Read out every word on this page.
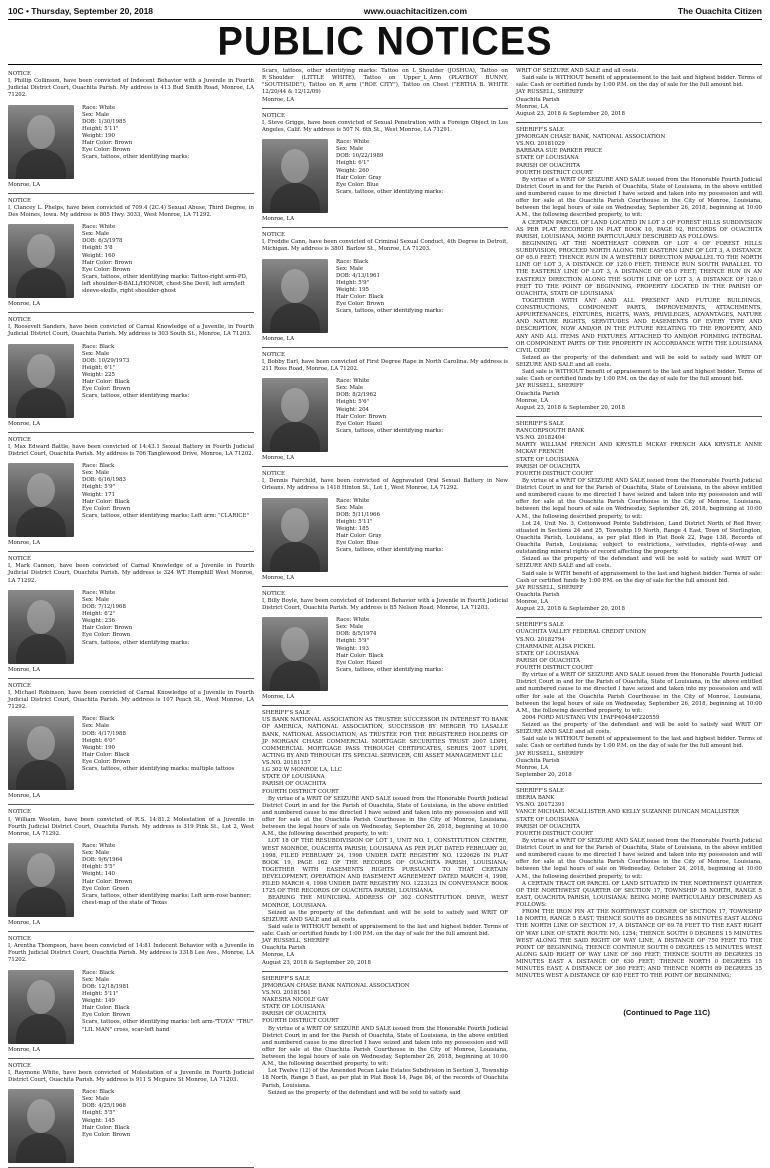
10C • Thursday, September 20, 2018	www.ouachitacitizen.com	The Ouachita Citizen
PUBLIC NOTICES

NOTICE

I, Phillip Collinson, have been convicted of Indecent Behavior with a Juvenile in Fourth Judicial District Court, Ouachita Parish. My address is 413 Bud Smith Road, Monroe, LA 71202.

Race: White
Sex: Male
DOB: 1/30/1985
Height: 5'11"
Weight: 190
Hair Color: Brown
Eye Color: Brown
Scars, tattoos, other identifying marks:

Monroe, LA

NOTICE

I, Clancey L. Phelps, have been convicted of 709.4 (2C.4) Sexual Abuse, Third Degree, in Des Moines, Iowa. My address is 805 Hwy. 3033, West Monroe, LA 71292.

Race: White
Sex: Male
DOB: 6/3/1978
Height: 5'8
Weight: 160
Hair Color: Brown
Eye Color: Brown
Scars, tattoos, other identifying marks: Tattoo-right arm-PD, left shoulder-8-BALL/HONOR, chest-She Devil, left arm/left sleeve-skulls, right shoulder-ghost

Monroe, LA

NOTICE

I, Roosevelt Sanders, have been convicted of Carnal Knowledge of a Juvenile, in Fourth Judicial District Court, Ouachita Parish. My address is 303 South St., Monroe, LA 71203.

Race: Black
Sex: Male
DOB: 10/29/1973
Height: 6'1"
Weight: 225
Hair Color: Black
Eye Color: Brown
Scars, tattoos, other identifying marks:

Monroe, LA

NOTICE

I, Max Edward Battle, have been convicted of 14:43.1 Sexual Battery in Fourth Judicial District Court, Ouachita Parish. My address is 706 Tanglewood Drive, Monroe, LA 71202.

Race: Black
Sex: Male
DOB: 6/16/1983
Height: 5'9"
Weight: 171
Hair Color: Black
Eye Color: Brown
Scars, tattoos, other identifying marks: Left arm: "CLARICE"

Monroe, LA

NOTICE

I, Mark Cannon, have been convicted of Carnal Knowledge of a Juvenile in Fourth Judicial District Court, Ouachita Parish. My address is 324 WT Hemphill West Monroe, LA 71292.

Race: White
Sex: Male
DOB: 7/12/1968
Height: 6'2"
Weight: 236
Hair Color: Brown
Eye Color: Brown
Scars, tattoos, other identifying marks:

Monroe, LA

NOTICE

I, Michael Robinson, have been convicted of Carnal Knowledge of a Juvenile in Fourth Judicial District Court, Ouachita Parish. My address is 107 Peach St., West Monroe, LA 71292.

Race: Black
Sex: Male
DOB: 4/17/1988
Height: 6'0"
Weight: 190
Hair Color: Black
Eye Color: Brown
Scars, tattoos, other identifying marks: multiple tattoos

Monroe, LA

NOTICE

I, William Wooten, have been convicted of R.S. 14:81.2 Molestation of a Juvenile in Fourth Judicial District Court, Ouachita Parish. My address is 319 Pink St., Lot 2, West Monroe, LA 71292.

Race: White
Sex: Male
DOB: 9/6/1964
Height: 5'5"
Weight: 140
Hair Color: Brown
Eye Color: Green
Scars, tattoos, other identifying marks: Left arm-rose banner; chest-map of the state of Texas

Monroe, LA

NOTICE

I, Arentha Thompson, have been convicted of 14:81 Indecent Behavior with a Juvenile in Fourth Judicial District Court, Ouachita Parish. My address is 3318 Lee Ave., Monroe, LA 71202.

Race: Black
Sex: Male
DOB: 12/18/1981
Height: 5'11"
Weight: 149
Hair Color: Black
Eye Color: Brown
Scars, tattoos, other identifying marks: left arm-"TOYA" "TRU" "LIL MAN" cross, scar-left hand

Monroe, LA

NOTICE

I, Raymone White, have been convicted of Molestation of a Juvenile in Fourth Judicial District Court, Ouachita Parish. My address is 911 S Mcguire St Monroe, LA 71203.

Race: Black
Sex: Male
DOB: 4/25/1968
Height: 5'5"
Weight: 145
Hair Color: Black
Eye Color: Brown

Scars, tattoos, other identifying marks: Tattoo on L_Shoulder (JOSHUA), Tattoo on R_Shoulder (LITTLE WHITE), Tattoo on Upper_L_Arm (PLAYBOY BUNNY, "SOUTHSIDE"), Tattoo on R_arm ("ROE CITY"), Tattoo on Chest ("ERTHA B. WHITE 12/20/44 & 12/12/09)

Monroe, LA

NOTICE

I, Steve Griggs, have been convicted of Sexual Penetration with a Foreign Object in Los Angeles, Calif. My address is 507 N. 6th St., West Monroe, LA 71291.

Race: White
Sex: Male
DOB: 10/22/1989
Height: 6'1"
Weight: 260
Hair Color: Gray
Eye Color: Blue
Scars, tattoos, other identifying marks:

Monroe, LA

NOTICE

I, Freddie Cann, have been convicted of Criminal Sexual Conduct, 4th Degree in Detroit, Michigan. My address is 3801 Barlow St., Monroe, LA 71203.

Race: Black
Sex: Male
DOB: 4/13/1961
Height: 5'9"
Weight: 195
Hair Color: Black
Eye Color: Brown
Scars, tattoos, other identifying marks:

Monroe, LA

NOTICE

I, Bobby Earl, have been convicted of First Degree Rape in North Carolina. My address is 211 Ross Road, Monroe, LA 71202.

Race: White
Sex: Male
DOB: 8/2/1962
Height: 5'6"
Weight: 204
Hair Color: Brown
Eye Color: Hazel
Scars, tattoos, other identifying marks:

Monroe, LA

NOTICE

I, Dennis Fairchild, have been convicted of Aggravated Oral Sexual Battery in New Orleans. My address is 1418 Hinton St., Lot 1, West Monroe, LA 71292.

Race: White
Sex: Male
DOB: 5/11/1966
Height: 5'11"
Weight: 185
Hair Color: Gray
Eye Color: Blue
Scars, tattoos, other identifying marks:

Monroe, LA

NOTICE

I, Billy Boyle, have been convicted of Indecent Behavior with a Juvenile in Fourth Judicial District Court, Ouachita Parish. My address is 85 Nelson Road, Monroe, LA 71203.

Race: White
Sex: Male
DOB: 8/5/1974
Height: 5'9"
Weight: 193
Hair Color: Black
Eye Color: Hazel
Scars, tattoos, other identifying marks:

Monroe, LA

SHERIFF'S SALE

US BANK NATIONAL ASSOCIATION AS TRUSTEE SUCCESSOR IN INTEREST TO BANK OF AMERICA, NATIONAL ASSOCIATION, SUCCESSOR BY MERGER TO LASALLE BANK, NATIONAL ASSOCIATION, AS TRUSTEE FOR THE REGISTERED HOLDERS OF JP MORGAN CHASE COMMERCIAL MORTGAGE SECURITIES TRUST 2007 LDPH, COMMERCIAL MORTGAGE PASS THROUGH CERTIFICATES, SERIES 2007 LDPH, ACTING BY AND THROUGH ITS SPECIAL SERVICER, CBI ASSET MANAGEMENT LLC

VS.NO. 20181157

LG 302 W MONROE LA, LLC

STATE OF LOUISIANA

PARISH OF OUACHITA

FOURTH DISTRICT COURT

By virtue of a WRIT OF SEIZURE AND SALE issued from the Honorable Fourth Judicial District Court in and for the Parish of Ouachita, State of Louisiana, in the above entitled and numbered cause to me directed I have seized and taken into my possession and will offer for sale at the Ouachita Parish Courthouse in the City of Monroe, Louisiana, between the legal hours of sale on Wednesday, September 26, 2018, beginning at 10:00 A.M., the following described property, to wit:

LOT 18 OF THE RESUBDIVISION OF LOT 1, UNIT NO. 1, CONSTITUTION CENTRE, WEST MONROE, OUACHITA PARISH, LOUISIANA AS PER PLAT DATED FEBRUARY 20, 1998, FILED FEBRUARY 24, 1998 UNDER DATE REGISTRY NO. 1220626 IN PLAT BOOK 19, PAGE 162 OF THE RECORDS OF OUACHITA PARISH, LOUISIANA; TOGETHER WITH EASEMENTS RIGHTS PURSUANT TO THAT CERTAIN DEVELOPMENT, OPERATION AND EASEMENT AGREEMENT DATED MARCH 4, 1998, FILED MARCH 4, 1998 UNDER DATE REGISTRY NO. 1223123 IN CONVEYANCE BOOK 1725 OF THE RECORDS OF OUACHITA PARISH, LOUISIANA.

BEARING THE MUNICIPAL ADDRESS OF 302 CONSTITUTION DRIVE, WEST MONROE, LOUISIANA.

Seized as the property of the defendant and will be sold to satisfy said WRIT OF SEIZURE AND SALE and all costs.

Said sale is WITHOUT benefit of appraisement to the last and highest bidder. Terms of sale: Cash or certified funds by 1:00 P.M. on the day of sale for the full amount bid.

JAY RUSSELL, SHERIFF

Ouachita Parish

Monroe, LA

August 23, 2018 & September 20, 2018

SHERIFF'S SALE

JPMORGAN CHASE BANK NATIONAL ASSOCIATION

VS.NO. 20181561

NAKESHA NICOLE GAY

STATE OF LOUISIANA

PARISH OF OUACHITA

FOURTH DISTRICT COURT

By virtue of a WRIT OF SEIZURE AND SALE issued from the Honorable Fourth Judicial District Court in and for the Parish of Ouachita, State of Louisiana, in the above entitled and numbered cause to me directed I have seized and taken into my possession and will offer for sale at the Ouachita Parish Courthouse in the City of Monroe, Louisiana, between the legal hours of sale on Wednesday, September 26, 2018, beginning at 10:00 A.M., the following described property, to wit:

Lot Twelve (12) of the Amended Pecan Lake Estates Subdivision in Section 3, Township 18 North, Range 5 East, as per plat in Plat Book 14, Page 84, of the records of Ouachita Parish, Louisiana.

Seized as the property of the defendant and will be sold to satisfy said

WRIT OF SEIZURE AND SALE and all costs.

Said sale is WITHOUT benefit of appraisement to the last and highest bidder. Terms of sale: Cash or certified funds by 1:00 P.M. on the day of sale for the full amount bid.

JAY RUSSELL, SHERIFF

Ouachita Parish

Monroe, LA

August 23, 2018 & September 20, 2018

SHERIFF'S SALE

JPMORGAN CHASE BANK, NATIONAL ASSOCIATION

VS.NO. 20181029

BARBARA SUE PARKER PRICE

STATE OF LOUISIANA

PARISH OF OUACHITA

FOURTH DISTRICT COURT

By virtue of a WRIT OF SEIZURE AND SALE issued from the Honorable Fourth Judicial District Court in and for the Parish of Ouachita, State of Louisiana, in the above entitled and numbered cause to me directed I have seized and taken into my possession and will offer for sale at the Ouachita Parish Courthouse in the City of Monroe, Louisiana, between the legal hours of sale on Wednesday, September 26, 2018, beginning at 10:00 A.M., the following described property, to wit:

A CERTAIN PARCEL OF LAND LOCATED IN LOT 3 OF FOREST HILLS SUBDIVISION AS PER PLAT RECORDED IN PLAT BOOK 10, PAGE 92, RECORDS OF OUACHITA PARISH, LOUISIANA, MORE PARTICULARLY DESCRIBED AS FOLLOWS:

BEGINNING AT THE NORTHEAST CORNER OF LOT 4 OF FOREST HILLS SUBDIVISION, PROCEED NORTH ALONG THE EASTERN LINE OF LOT 3, A DISTANCE OF 65.0 FEET; THENCE RUN IN A WESTERLY DIRECTION PARALLEL TO THE NORTH LINE OF LOT 3, A DISTANCE OF 120.0 FEET; THENCE RUN SOUTH PARALLEL TO THE EASTERLY LINE OF LOT 3, A DISTANCE OF 65.0 FEET; THENCE RUN IN AN EASTERLY DIRECTION ALONG THE SOUTH LINE OF LOT 3, A DISTANCE OF 120.0 FEET TO THE POINT OF BEGINNING, PROPERTY LOCATED IN THE PARISH OF OUACHITA, STATE OF LOUISIANA

TOGETHER WITH ANY AND ALL PRESENT AND FUTURE BUILDINGS, CONSTRUCTIONS, COMPONENT PARTS, IMPROVEMENTS, ATTACHMENTS, APPURTENANCES, FIXTURES, RIGHTS, WAYS, PRIVILEGES, ADVANTAGES, NATURE AND NATURE RIGHTS, SERVITUDES AND EASEMENTS OF EVERY TYPE AND DESCRIPTION, NOW AND/OR IN THE FUTURE RELATING TO THE PROPERTY, AND ANY AND ALL ITEMS AND FIXTURES ATTACHED TO AND/OR FORMING INTEGRAL OR COMPONENT PARTS OF THE PROPERTY IN ACCORDANCE WITH THE LOUISIANA CIVIL CODE

Seized as the property of the defendant and will be sold to satisfy said WRIT OF SEIZURE AND SALE and all costs.

Said sale is WITHOUT benefit of appraisement to the last and highest bidder. Terms of sale: Cash or certified funds by 1:00 P.M. on the day of sale for the full amount bid.

JAY RUSSELL, SHERIFF

Ouachita Parish

Monroe, LA

August 23, 2018 & September 20, 2018

SHERIFF'S SALE

RANCORPSOUTH BANK

VS.NO. 20182404

MARTY WILLIAM FRENCH AND KRYSTLE MCKAY FRENCH AKA KRYSTLE ANNE MCKAY FRENCH

STATE OF LOUISIANA

PARISH OF OUACHITA

FOURTH DISTRICT COURT

By virtue of a WRIT OF SEIZURE AND SALE issued from the Honorable Fourth Judicial District Court in and for the Parish of Ouachita, State of Louisiana, in the above entitled and numbered cause to me directed I have seized and taken into my possession and will offer for sale at the Ouachita Parish Courthouse in the City of Monroe, Louisiana, between the legal hours of sale on Wednesday, September 26, 2018, beginning at 10:00 A.M., the following described property, to wit:

Lot 24, Unit No. 3, Cottonwood Pointe Subdivision, Land District North of Red River, situated in Sections 24 and 25, Township 19 North, Range 4 East, Town of Sterlington, Ouachita Parish, Louisiana, as per plat filed in Plat Book 22, Page 138, Records of Ouachita Parish, Louisiana; subject to restrictions, servitudes, rights-of-way and outstanding mineral rights of record affecting the property.

Seized as the property of the defendant and will be sold to satisfy said WRIT OF SEIZURE AND SALE and all costs.

Said sale is WITH benefit of appraisement to the last and highest bidder. Terms of sale: Cash or certified funds by 1:00 P.M. on the day of sale for the full amount bid.

JAY RUSSELL, SHERIFF

Ouachita Parish

Monroe, LA

August 23, 2018 & September 20, 2018

SHERIFF'S SALE

OUACHITA VALLEY FEDERAL CREDIT UNION

VS.NO. 20182794

CHARMAINE ALISA PICKEL

STATE OF LOUISIANA

PARISH OF OUACHITA

FOURTH DISTRICT COURT

By virtue of a WRIT OF SEIZURE AND SALE issued from the Honorable Fourth Judicial District Court in and for the Parish of Ouachita, State of Louisiana, in the above entitled and numbered cause to me directed I have seized and taken into my possession and will offer for sale at the Ouachita Parish Courthouse in the City of Monroe, Louisiana, between the legal hours of sale on Wednesday, September 26, 2018, beginning at 10:00 A.M., the following described property, to wit:

2004 FORD MUSTANG VIN 1FAFP40484F220559

Seized as the property of the defendant and will be sold to satisfy said WRIT OF SEIZURE AND SALE and all costs.

Said sale is WITHOUT benefit of appraisement to the last and highest bidder. Terms of sale: Cash or certified funds by 1:00 P.M. on the day of sale for the full amount bid.

JAY RUSSELL, SHERIFF

Ouachita Parish

Monroe, LA

September 20, 2018

SHERIFF'S SALE

IBERIA BANK

VS.NO. 20172391

VANCE MICHAEL MCALLISTER AND KELLY SUZANNE DUNCAN MCALLISTER

STATE OF LOUISIANA

PARISH OF OUACHITA

FOURTH DISTRICT COURT

By virtue of a WRIT OF SEIZURE AND SALE issued from the Honorable Fourth Judicial District Court in and for the Parish of Ouachita, State of Louisiana, in the above entitled and numbered cause to me directed I have seized and taken into my possession and will offer for sale at the Ouachita Parish Courthouse in the City of Monroe, Louisiana, between the legal hours of sale on Wednesday, October 24, 2018, beginning at 10:00 A.M., the following described property, to wit:

A CERTAIN TRACT OR PARCEL OF LAND SITUATED IN THE NORTHWEST QUARTER OF THE NORTHWEST QUARTER OF SECTION 17, TOWNSHIP 18 NORTH, RANGE 5 EAST, OUACHITA PARISH, LOUISIANA; BEING MORE PARTICULARLY DESCRIBED AS FOLLOWS:

FROM THE IRON PIN AT THE NORTHWEST CORNER OF SECTION 17, TOWNSHIP 18 NORTH, RANGE 5 EAST, THENCE SOUTH 89 DEGREES 58 MINUTES EAST ALONG THE NORTH LINE OF SECTION 17, A DISTANCE OF 69.78 FEET TO THE EAST RIGHT OF WAY LINE OF STATE ROUTE NO. 1254; THENCE SOUTH 0 DEGREES 15 MINUTES WEST ALONG THE SAID RIGHT OF WAY LINE, A DISTANCE OF 750 FEET TO THE POINT OF BEGINNING; THENCE CONTINUE SOUTH 0 DEGREES 15 MINUTES WEST ALONG SAID RIGHT OF WAY LINE OF 360 FEET; THENCE SOUTH 89 DEGREES 35 MINUTES EAST A DISTANCE OF 630 FEET; THENCE NORTH 0 DEGREES 15 MINUTES EAST, A DISTANCE OF 360 FEET; AND THENCE NORTH 89 DEGREES 35 MINUTES WEST A DISTANCE OF 630 FEET TO THE POINT OF BEGINNING;

(Continued to Page 11C)
